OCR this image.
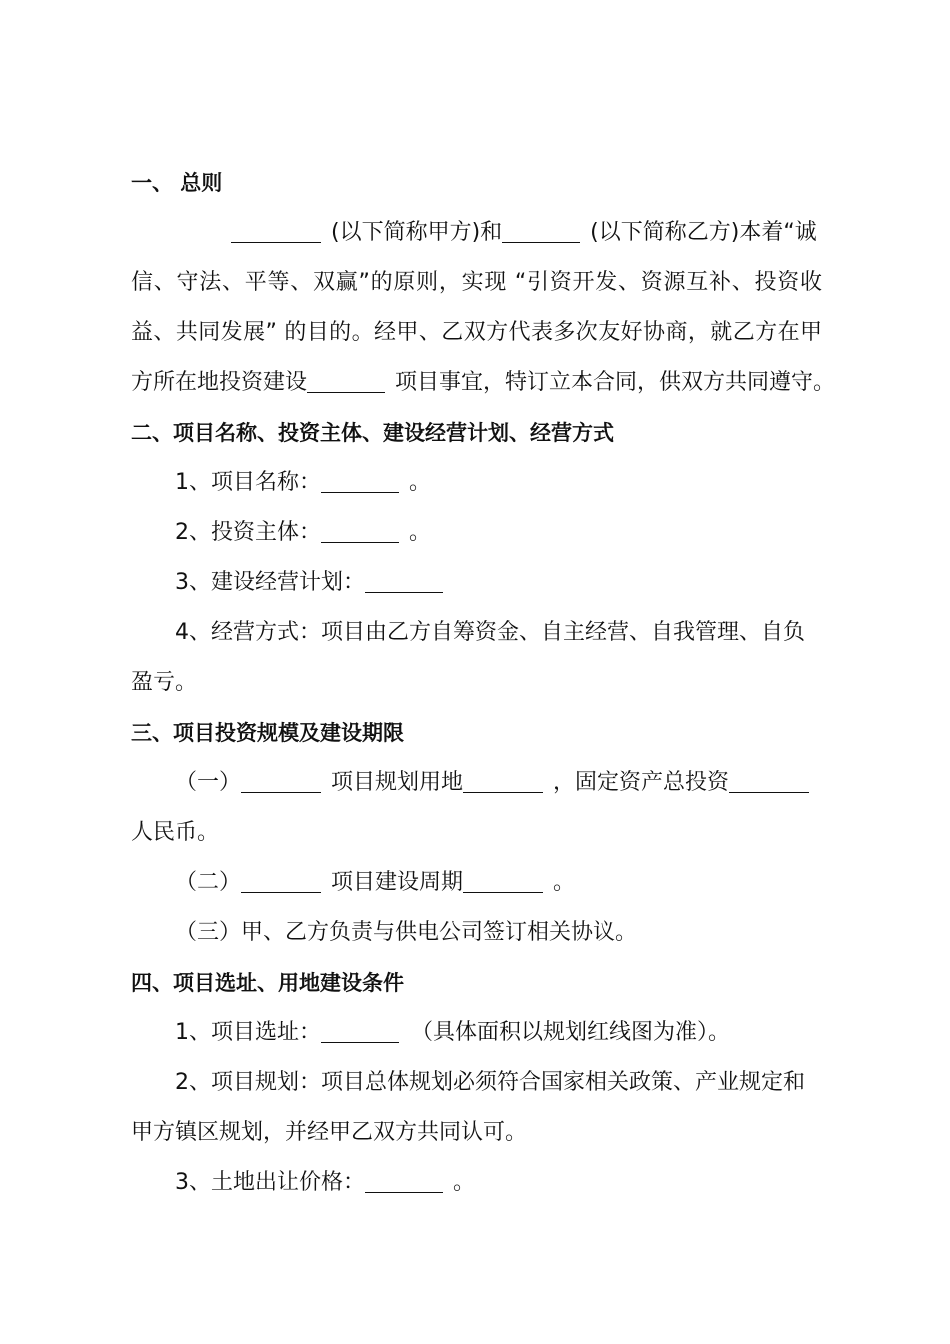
一、 总则
(以下简称甲方)和	(以下简称乙方)本着“诚
信、守法、平等、双赢”的原则，实现 “引资开发、资源互补、投资收
益、共同发展” 的目的。经甲、乙双方代表多次友好协商，就乙方在甲
方所在地投资建设	项目事宜，特订立本合同，供双方共同遵守。
二、项目名称、投资主体、建设经营计划、经营方式
1、项目名称：	。
2、投资主体：	。
3、建设经营计划：
4、经营方式：项目由乙方自筹资金、自主经营、自我管理、自负
盈亏。
三、项目投资规模及建设期限
（一）	项目规划用地	，固定资产总投资
人民币。
（二）	项目建设周期	。
（三）甲、乙方负责与供电公司签订相关协议。
四、项目选址、用地建设条件
1、项目选址：	（具体面积以规划红线图为准）。
2、项目规划：项目总体规划必须符合国家相关政策、产业规定和
甲方镇区规划，并经甲乙双方共同认可。
3、土地出让价格：	。
